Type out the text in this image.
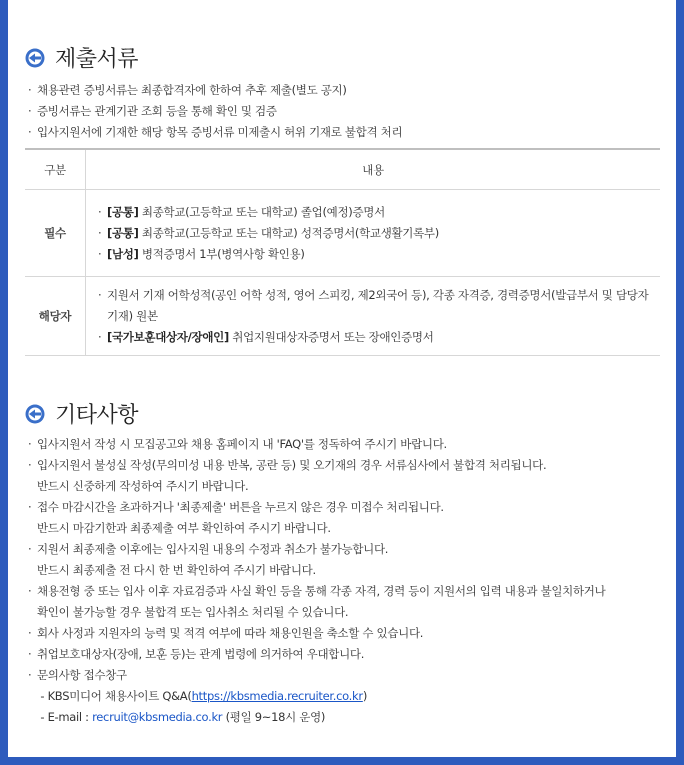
제출서류
· 채용관련 증빙서류는 최종합격자에 한하여 추후 제출(별도 공지)
· 증빙서류는 관계기관 조회 등을 통해 확인 및 검증
· 입사지원서에 기재한 해당 항목 증빙서류 미제출시 허위 기재로 불합격 처리
구분	내용
필수	· [공통] 최종학교(고등학교 또는 대학교) 졸업(예정)증명서
· [공통] 최종학교(고등학교 또는 대학교) 성적증명서(학교생활기록부)
· [남성] 병적증명서 1부(병역사항 확인용)

해당자	· 지원서 기재 어학성적(공인 어학 성적, 영어 스피킹, 제2외국어 등), 각종 자격증, 경력증명서(발급부서 및 담당자 기재) 원본
· [국가보훈대상자/장애인] 취업지원대상자증명서 또는 장애인증명서
기타사항
· 입사지원서 작성 시 모집공고와 채용 홈페이지 내 'FAQ'를 정독하여 주시기 바랍니다.
· 입사지원서 불성실 작성(무의미성 내용 반복, 공란 등) 및 오기재의 경우 서류심사에서 불합격 처리됩니다.
반드시 신중하게 작성하여 주시기 바랍니다.
· 접수 마감시간을 초과하거나 '최종제출' 버튼을 누르지 않은 경우 미접수 처리됩니다.
반드시 마감기한과 최종제출 여부 확인하여 주시기 바랍니다.
· 지원서 최종제출 이후에는 입사지원 내용의 수정과 취소가 불가능합니다.
반드시 최종제출 전 다시 한 번 확인하여 주시기 바랍니다.
· 채용전형 중 또는 입사 이후 자료검증과 사실 확인 등을 통해 각종 자격, 경력 등이 지원서의 입력 내용과 불일치하거나
확인이 불가능할 경우 불합격 또는 입사취소 처리될 수 있습니다.
· 회사 사정과 지원자의 능력 및 적격 여부에 따라 채용인원을 축소할 수 있습니다.
· 취업보호대상자(장애, 보훈 등)는 관계 법령에 의거하여 우대합니다.
· 문의사항 접수창구
- KBS미디어 채용사이트 Q&A(https://kbsmedia.recruiter.co.kr)
- E-mail : recruit@kbsmedia.co.kr (평일 9~18시 운영)
